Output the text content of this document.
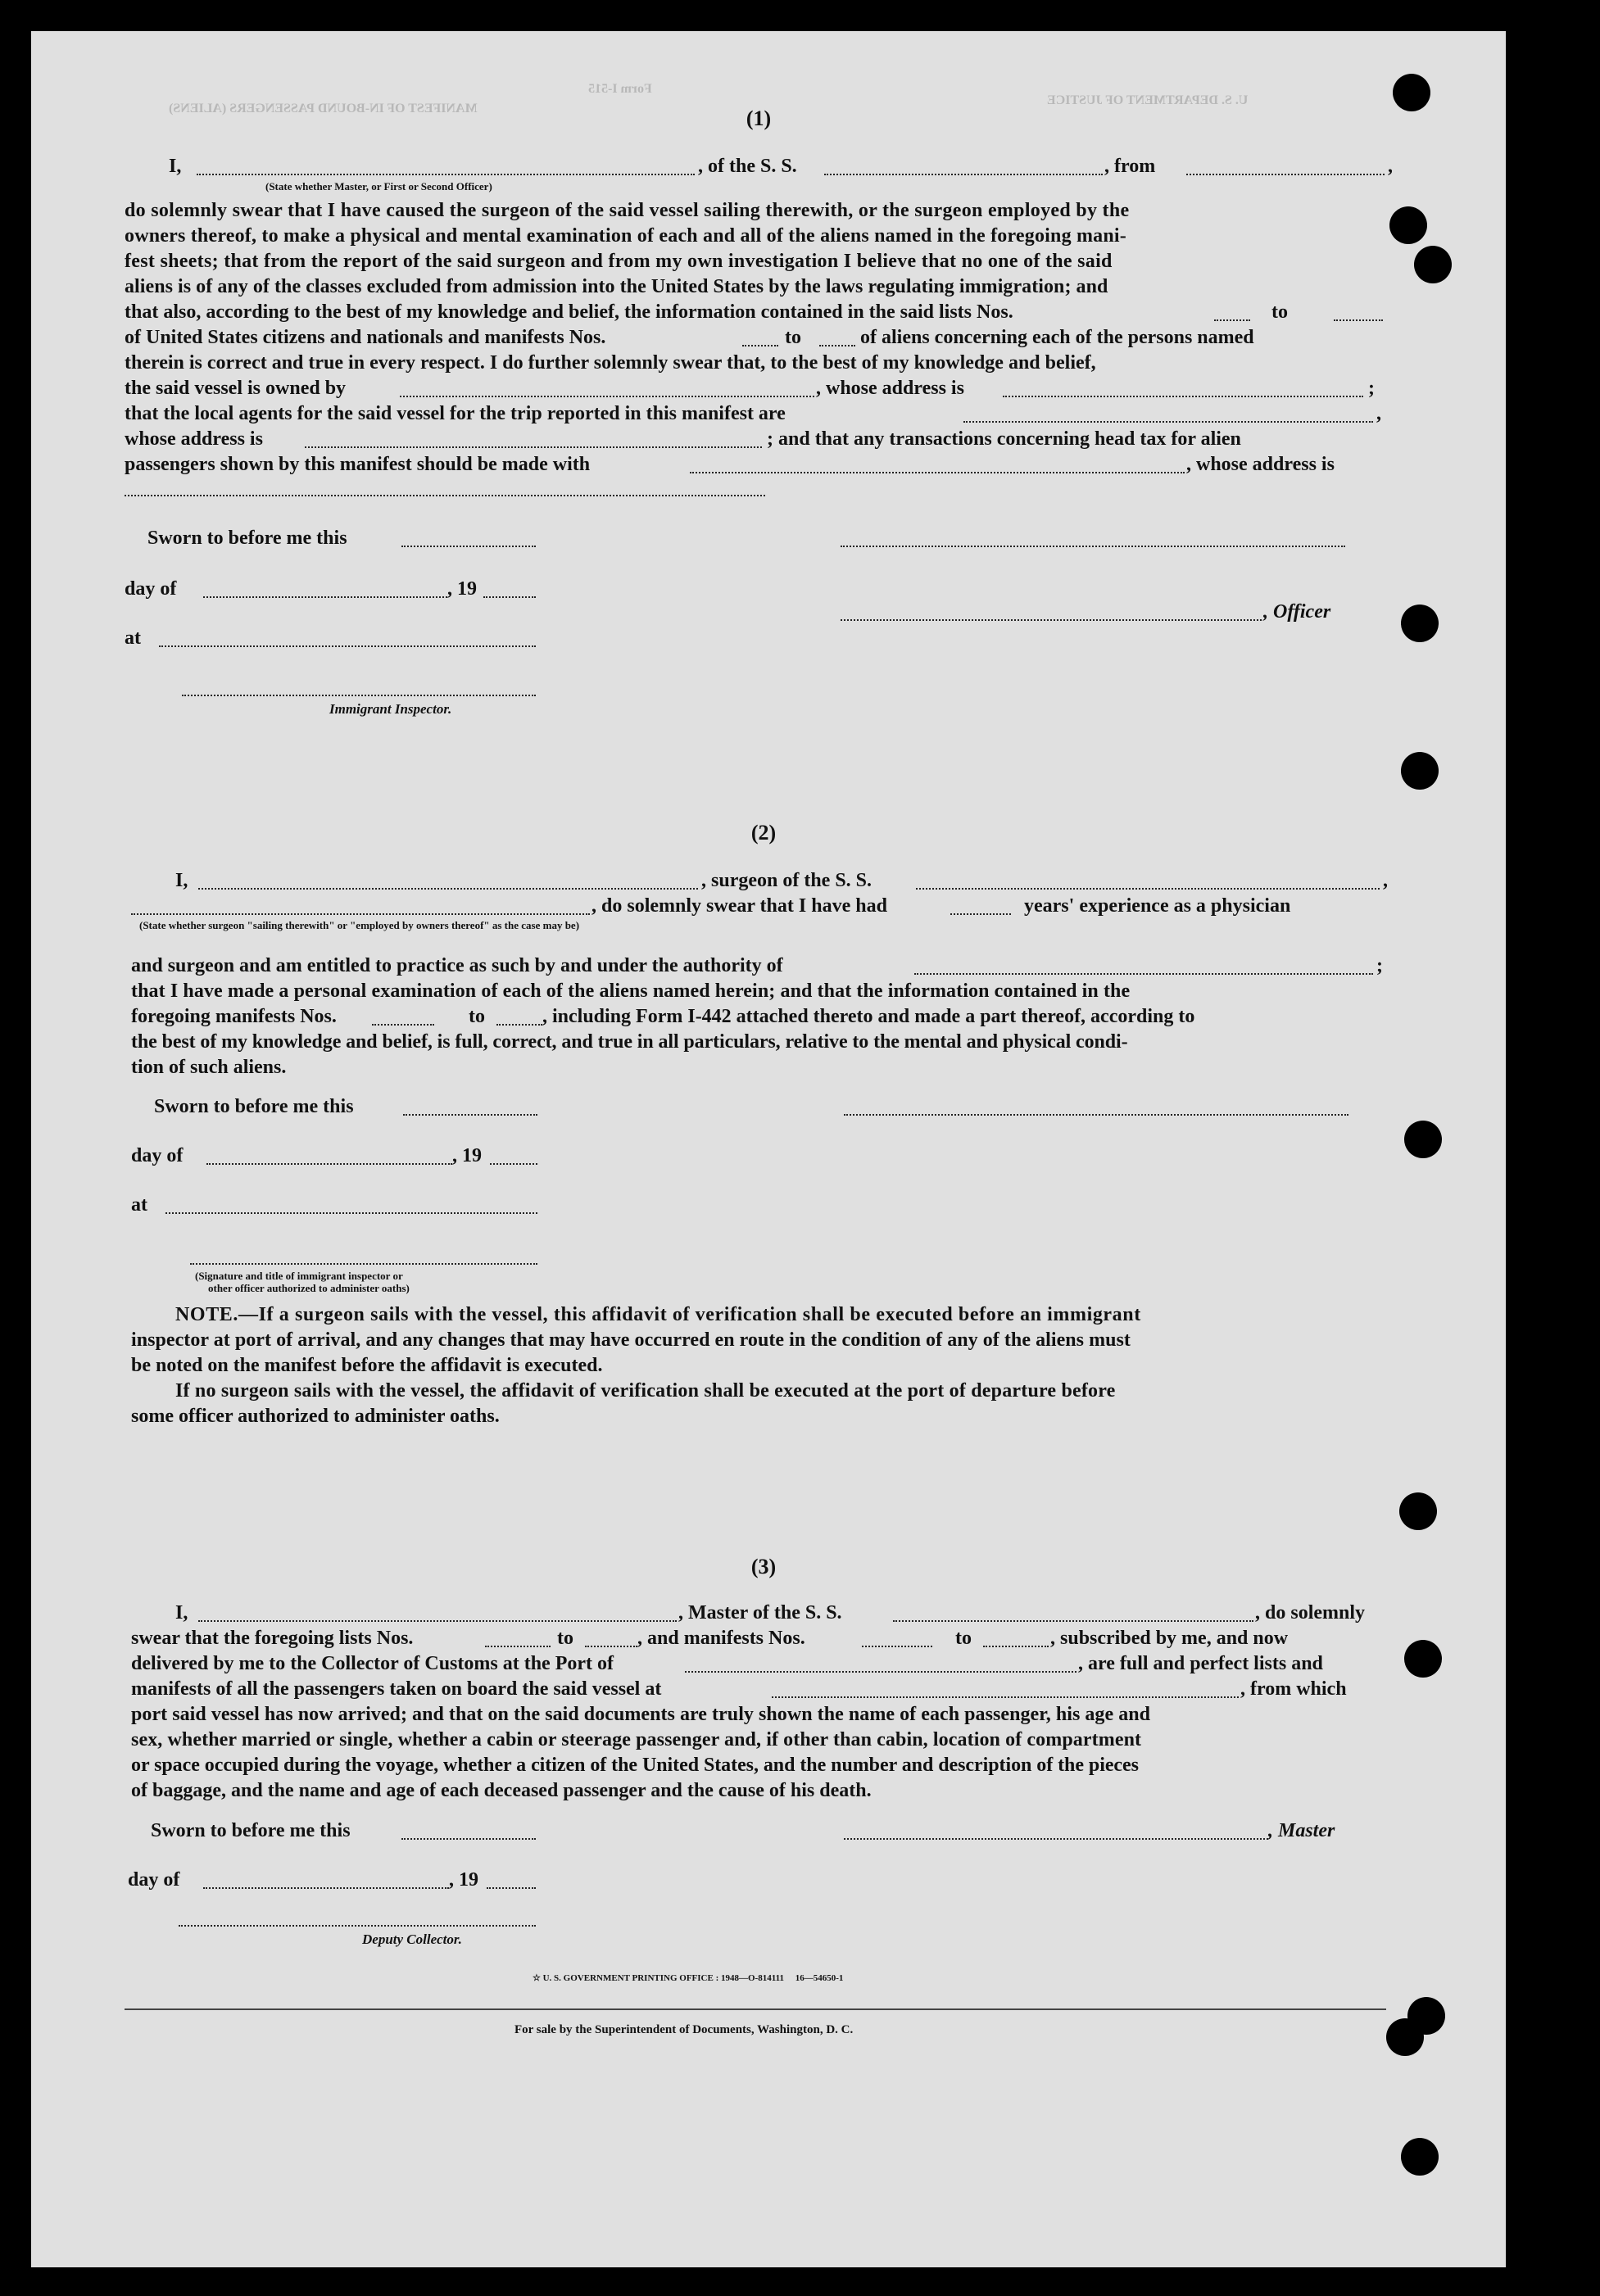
MANIFEST OF IN-BOUND PASSENGERS (ALIENS)
Form I-515
U. S. DEPARTMENT OF JUSTICE
(1)
I,	, of the S. S.	, from	,
(State whether Master, or First or Second Officer)
do solemnly swear that I have caused the surgeon of the said vessel sailing therewith, or the surgeon employed by the
owners thereof, to make a physical and mental examination of each and all of the aliens named in the foregoing mani-
fest sheets; that from the report of the said surgeon and from my own investigation I believe that no one of the said
aliens is of any of the classes excluded from admission into the United States by the laws regulating immigration; and
that also, according to the best of my knowledge and belief, the information contained in the said lists Nos.	to
of United States citizens and nationals and manifests Nos.	to	of aliens concerning each of the persons named
therein is correct and true in every respect. I do further solemnly swear that, to the best of my knowledge and belief,
the said vessel is owned by	, whose address is	;
that the local agents for the said vessel for the trip reported in this manifest are	,
whose address is	; and that any transactions concerning head tax for alien
passengers shown by this manifest should be made with	, whose address is
Sworn to before me this
day of	, 19
, Officer
at
Immigrant Inspector.
(2)
I,	, surgeon of the S. S.	,
, do solemnly swear that I have had	years' experience as a physician
(State whether surgeon "sailing therewith" or "employed by owners thereof" as the case may be)
and surgeon and am entitled to practice as such by and under the authority of	;
that I have made a personal examination of each of the aliens named herein; and that the information contained in the
foregoing manifests Nos.	to	, including Form I-442 attached thereto and made a part thereof, according to
the best of my knowledge and belief, is full, correct, and true in all particulars, relative to the mental and physical condi-
tion of such aliens.
Sworn to before me this
day of	, 19
at
(Signature and title of immigrant inspector or
other officer authorized to administer oaths)
NOTE.—If a surgeon sails with the vessel, this affidavit of verification shall be executed before an immigrant
inspector at port of arrival, and any changes that may have occurred en route in the condition of any of the aliens must
be noted on the manifest before the affidavit is executed.
If no surgeon sails with the vessel, the affidavit of verification shall be executed at the port of departure before
some officer authorized to administer oaths.
(3)
I,	, Master of the S. S.	, do solemnly
swear that the foregoing lists Nos.	to	, and manifests Nos.	to	, subscribed by me, and now
delivered by me to the Collector of Customs at the Port of	, are full and perfect lists and
manifests of all the passengers taken on board the said vessel at	, from which
port said vessel has now arrived; and that on the said documents are truly shown the name of each passenger, his age and
sex, whether married or single, whether a cabin or steerage passenger and, if other than cabin, location of compartment
or space occupied during the voyage, whether a citizen of the United States, and the number and description of the pieces
of baggage, and the name and age of each deceased passenger and the cause of his death.
Sworn to before me this	, Master
day of	, 19
Deputy Collector.
☆ U. S. GOVERNMENT PRINTING OFFICE : 1948—O-814111     16—54650-1
For sale by the Superintendent of Documents, Washington, D. C.
